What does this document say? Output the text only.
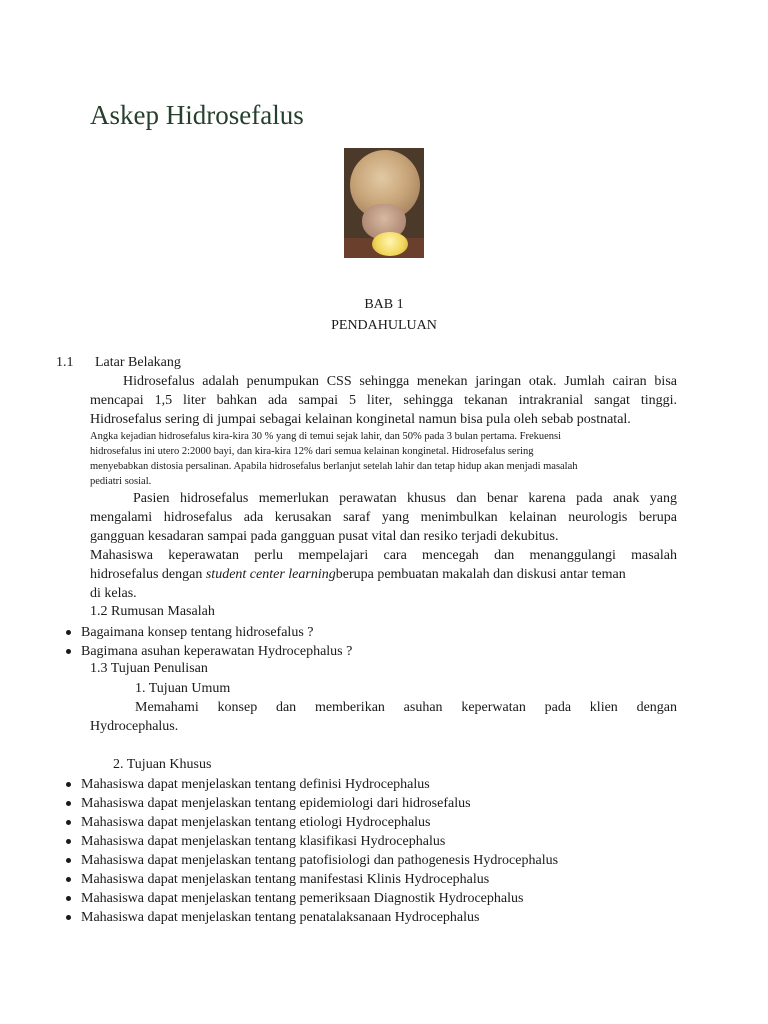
Askep Hidrosefalus

BAB 1

PENDAHULUAN

1.1 Latar Belakang

Hidrosefalus adalah penumpukan CSS sehingga menekan jaringan otak. Jumlah cairan bisa

mencapai 1,5 liter bahkan ada sampai 5 liter, sehingga tekanan intrakranial sangat tinggi.

Hidrosefalus sering di jumpai sebagai kelainan konginetal namun bisa pula oleh sebab postnatal.

Angka kejadian hidrosefalus kira-kira 30 % yang di temui sejak lahir, dan 50% pada 3 bulan pertama. Frekuensi
hidrosefalus ini utero 2:2000 bayi, dan kira-kira 12% dari semua kelainan konginetal. Hidrosefalus sering
menyebabkan distosia persalinan. Apabila hidrosefalus berlanjut setelah lahir dan tetap hidup akan menjadi masalah
pediatri sosial.

Pasien hidrosefalus memerlukan perawatan khusus dan benar karena pada anak yang

mengalami hidrosefalus ada kerusakan saraf yang menimbulkan kelainan neurologis berupa

gangguan kesadaran sampai pada gangguan pusat vital dan resiko terjadi dekubitus.

Mahasiswa keperawatan perlu mempelajari cara mencegah dan menanggulangi masalah

hidrosefalus dengan student center learningberupa pembuatan makalah dan diskusi antar teman

di kelas.

1.2 Rumusan Masalah

Bagaimana konsep tentang hidrosefalus ?
Bagimana asuhan keperawatan Hydrocephalus ?

1.3 Tujuan Penulisan

1. Tujuan Umum

Memahami konsep dan memberikan asuhan keperwatan pada klien dengan

Hydrocephalus.

2. Tujuan Khusus

Mahasiswa dapat menjelaskan tentang definisi Hydrocephalus
Mahasiswa dapat menjelaskan tentang epidemiologi dari hidrosefalus
Mahasiswa dapat menjelaskan tentang etiologi Hydrocephalus
Mahasiswa dapat menjelaskan tentang klasifikasi Hydrocephalus
Mahasiswa dapat menjelaskan tentang patofisiologi dan pathogenesis Hydrocephalus
Mahasiswa dapat menjelaskan tentang manifestasi Klinis Hydrocephalus
Mahasiswa dapat menjelaskan tentang pemeriksaan Diagnostik Hydrocephalus
Mahasiswa dapat menjelaskan tentang penatalaksanaan Hydrocephalus
